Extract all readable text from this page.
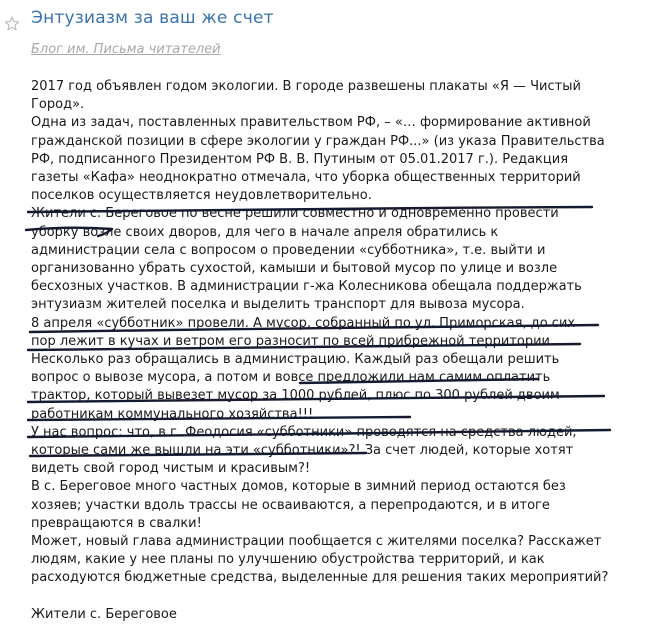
Энтузиазм за ваш же счет
Блог им. Письма читателей

2017 год объявлен годом экологии. В городе развешены плакаты «Я — Чистый

Город».

Одна из задач, поставленных правительством РФ, – «… формирование активной

гражданской позиции в сфере экологии у граждан РФ...» (из указа Правительства

РФ, подписанного Президентом РФ В. В. Путиным от 05.01.2017 г.). Редакция

газеты «Кафа» неоднократно отмечала, что уборка общественных территорий

поселков осуществляется неудовлетворительно.

Жители с. Береговое по весне решили совместно и одновременно провести

уборку возле своих дворов, для чего в начале апреля обратились к

администрации села с вопросом о проведении «субботника», т.е. выйти и

организованно убрать сухостой, камыши и бытовой мусор по улице и возле

бесхозных участков. В администрации г-жа Колесникова обещала поддержать

энтузиазм жителей поселка и выделить транспорт для вывоза мусора.

8 апреля «субботник» провели. А мусор, собранный по ул. Приморская, до сих

пор лежит в кучах и ветром его разносит по всей прибрежной территории.

Несколько раз обращались в администрацию. Каждый раз обещали решить

вопрос о вывозе мусора, а потом и вовсе предложили нам самим оплатить

трактор, который вывезет мусор за 1000 рублей, плюс по 300 рублей двоим

работникам коммунального хозяйства!!!

У нас вопрос: что, в г. Феодосия «субботники» проводятся на средства людей,

которые сами же вышли на эти «субботники»?! За счет людей, которые хотят

видеть свой город чистым и красивым?!

В с. Береговое много частных домов, которые в зимний период остаются без

хозяев; участки вдоль трассы не осваиваются, а перепродаются, и в итоге

превращаются в свалки!

Может, новый глава администрации пообщается с жителями поселка? Расскажет

людям, какие у нее планы по улучшению обустройства территорий, и как

расходуются бюджетные средства, выделенные для решения таких мероприятий?

Жители с. Береговое
